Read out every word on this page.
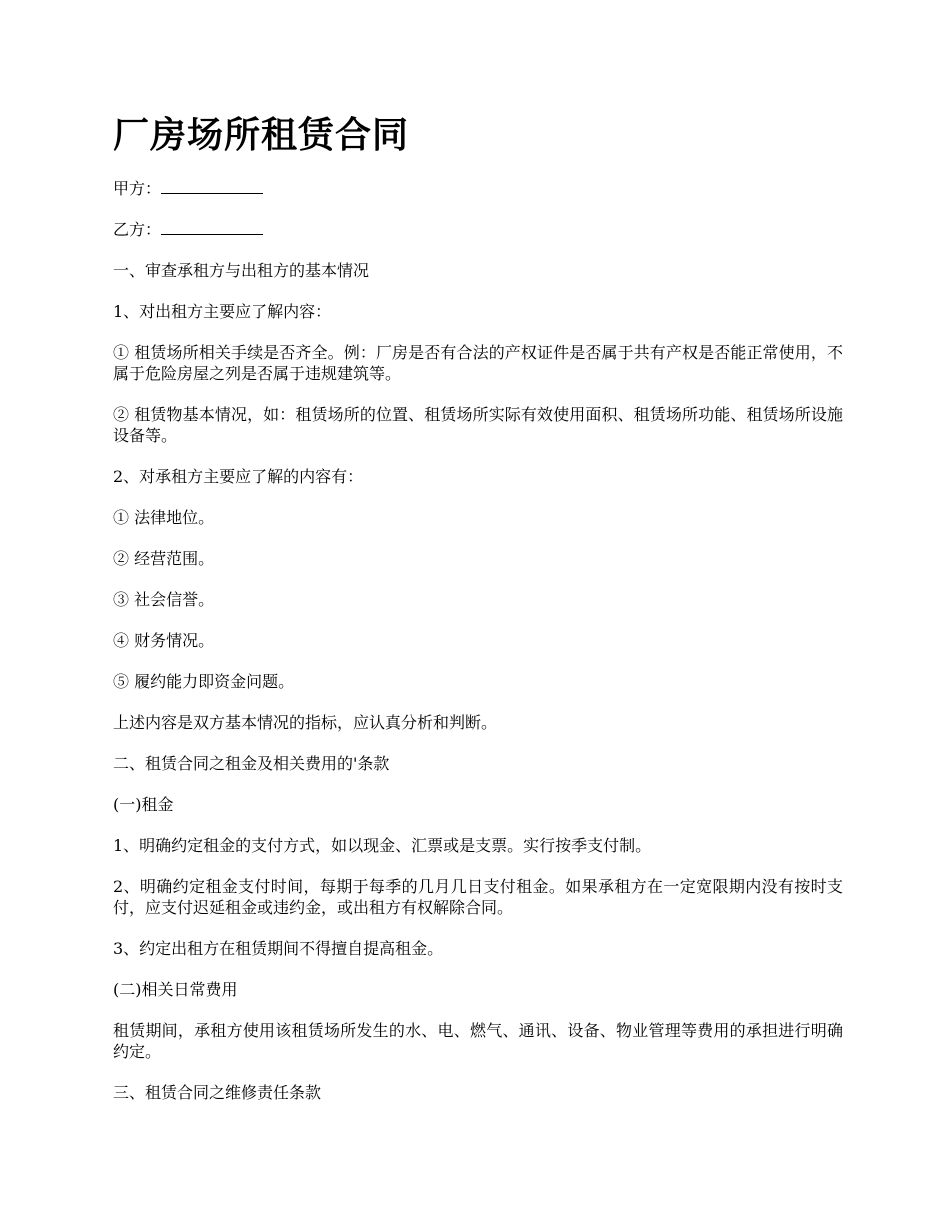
厂房场所租赁合同

甲方：

乙方：

一、审查承租方与出租方的基本情况

1、对出租方主要应了解内容：

① 租赁场所相关手续是否齐全。例：厂房是否有合法的产权证件是否属于共有产权是否能正常使用，不属于危险房屋之列是否属于违规建筑等。

② 租赁物基本情况，如：租赁场所的位置、租赁场所实际有效使用面积、租赁场所功能、租赁场所设施设备等。

2、对承租方主要应了解的内容有：

① 法律地位。

② 经营范围。

③ 社会信誉。

④ 财务情况。

⑤ 履约能力即资金问题。

上述内容是双方基本情况的指标，应认真分析和判断。

二、租赁合同之租金及相关费用的'条款

(一)租金

1、明确约定租金的支付方式，如以现金、汇票或是支票。实行按季支付制。

2、明确约定租金支付时间，每期于每季的几月几日支付租金。如果承租方在一定宽限期内没有按时支付，应支付迟延租金或违约金，或出租方有权解除合同。

3、约定出租方在租赁期间不得擅自提高租金。

(二)相关日常费用

租赁期间，承租方使用该租赁场所发生的水、电、燃气、通讯、设备、物业管理等费用的承担进行明确约定。

三、租赁合同之维修责任条款
